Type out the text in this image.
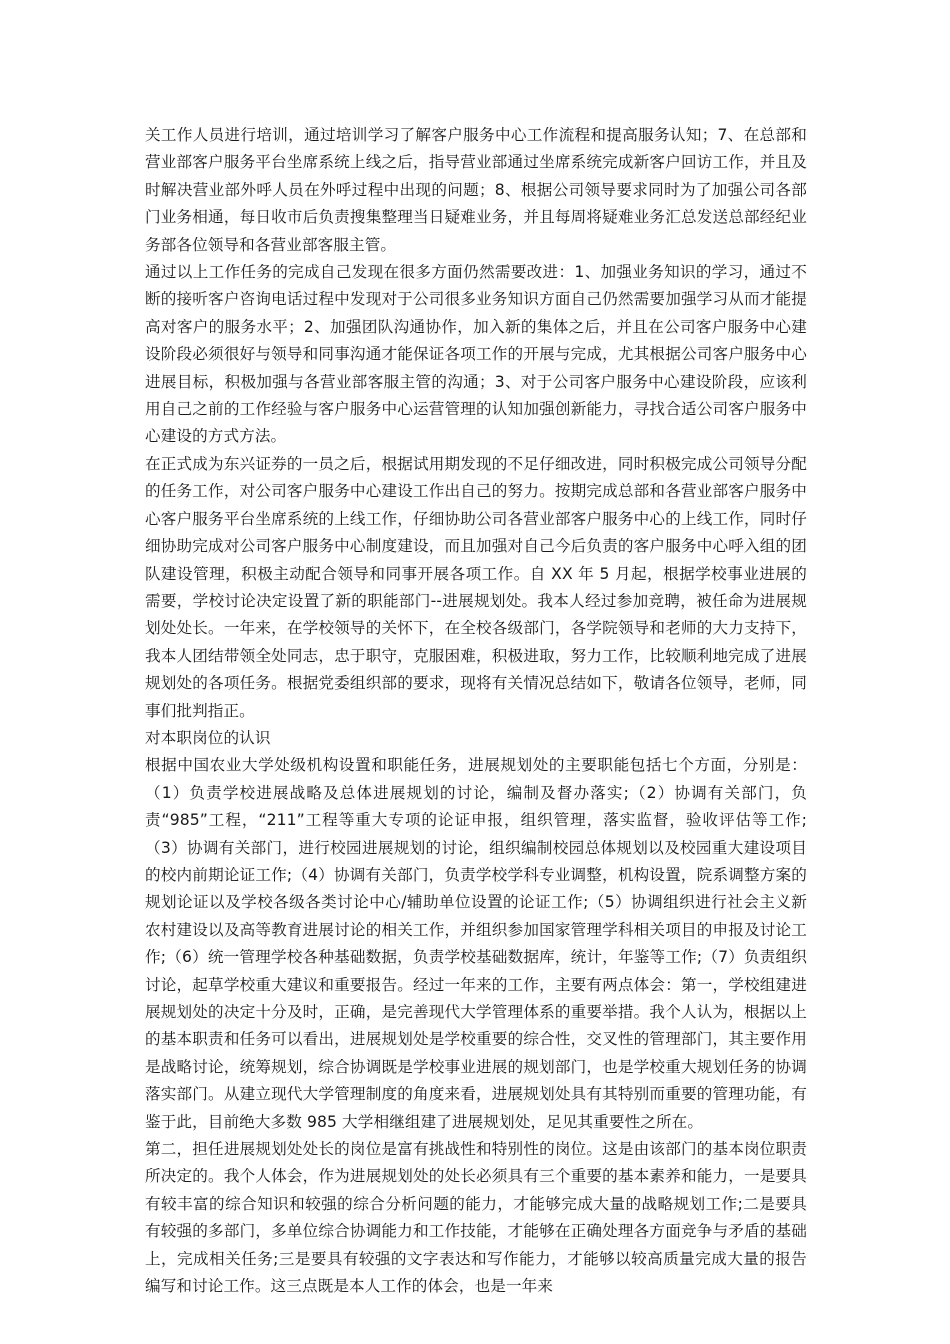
关工作人员进行培训，通过培训学习了解客户服务中心工作流程和提高服务认知；7、在总部和营业部客户服务平台坐席系统上线之后，指导营业部通过坐席系统完成新客户回访工作，并且及时解决营业部外呼人员在外呼过程中出现的问题；8、根据公司领导要求同时为了加强公司各部门业务相通，每日收市后负责搜集整理当日疑难业务，并且每周将疑难业务汇总发送总部经纪业务部各位领导和各营业部客服主管。

通过以上工作任务的完成自己发现在很多方面仍然需要改进：1、加强业务知识的学习，通过不断的接听客户咨询电话过程中发现对于公司很多业务知识方面自己仍然需要加强学习从而才能提高对客户的服务水平；2、加强团队沟通协作，加入新的集体之后，并且在公司客户服务中心建设阶段必须很好与领导和同事沟通才能保证各项工作的开展与完成，尤其根据公司客户服务中心进展目标，积极加强与各营业部客服主管的沟通；3、对于公司客户服务中心建设阶段，应该利用自己之前的工作经验与客户服务中心运营管理的认知加强创新能力，寻找合适公司客户服务中心建设的方式方法。

在正式成为东兴证券的一员之后，根据试用期发现的不足仔细改进，同时积极完成公司领导分配的任务工作，对公司客户服务中心建设工作出自己的努力。按期完成总部和各营业部客户服务中心客户服务平台坐席系统的上线工作，仔细协助公司各营业部客户服务中心的上线工作，同时仔细协助完成对公司客户服务中心制度建设，而且加强对自己今后负责的客户服务中心呼入组的团队建设管理，积极主动配合领导和同事开展各项工作。自 XX 年 5 月起，根据学校事业进展的需要，学校讨论决定设置了新的职能部门--进展规划处。我本人经过参加竞聘，被任命为进展规划处处长。一年来，在学校领导的关怀下，在全校各级部门，各学院领导和老师的大力支持下，我本人团结带领全处同志，忠于职守，克服困难，积极进取，努力工作，比较顺利地完成了进展规划处的各项任务。根据党委组织部的要求，现将有关情况总结如下，敬请各位领导，老师，同事们批判指正。

对本职岗位的认识

根据中国农业大学处级机构设置和职能任务，进展规划处的主要职能包括七个方面，分别是：（1）负责学校进展战略及总体进展规划的讨论，编制及督办落实;（2）协调有关部门，负责“985”工程，“211”工程等重大专项的论证申报，组织管理，落实监督，验收评估等工作;（3）协调有关部门，进行校园进展规划的讨论，组织编制校园总体规划以及校园重大建设项目的校内前期论证工作;（4）协调有关部门，负责学校学科专业调整，机构设置，院系调整方案的规划论证以及学校各级各类讨论中心/辅助单位设置的论证工作;（5）协调组织进行社会主义新农村建设以及高等教育进展讨论的相关工作，并组织参加国家管理学科相关项目的申报及讨论工作;（6）统一管理学校各种基础数据，负责学校基础数据库，统计，年鉴等工作;（7）负责组织讨论，起草学校重大建议和重要报告。经过一年来的工作，主要有两点体会：第一，学校组建进展规划处的决定十分及时，正确，是完善现代大学管理体系的重要举措。我个人认为，根据以上的基本职责和任务可以看出，进展规划处是学校重要的综合性，交叉性的管理部门，其主要作用是战略讨论，统筹规划，综合协调既是学校事业进展的规划部门，也是学校重大规划任务的协调落实部门。从建立现代大学管理制度的角度来看，进展规划处具有其特别而重要的管理功能，有鉴于此，目前绝大多数 985 大学相继组建了进展规划处，足见其重要性之所在。

第二，担任进展规划处处长的岗位是富有挑战性和特别性的岗位。这是由该部门的基本岗位职责所决定的。我个人体会，作为进展规划处的处长必须具有三个重要的基本素养和能力，一是要具有较丰富的综合知识和较强的综合分析问题的能力，才能够完成大量的战略规划工作;二是要具有较强的多部门，多单位综合协调能力和工作技能，才能够在正确处理各方面竞争与矛盾的基础上，完成相关任务;三是要具有较强的文字表达和写作能力，才能够以较高质量完成大量的报告编写和讨论工作。这三点既是本人工作的体会，也是一年来
